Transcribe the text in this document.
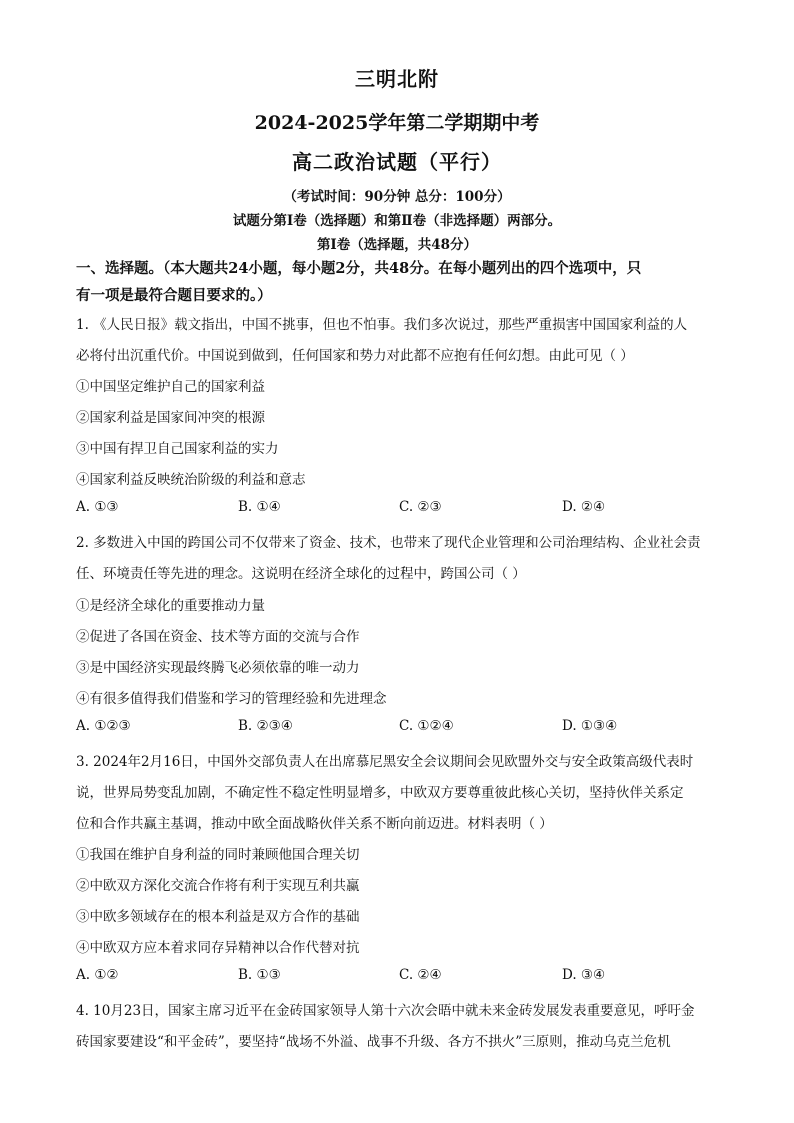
三明北附
2024-2025学年第二学期期中考
高二政治试题（平行）
（考试时间：90分钟 总分：100分）
试题分第Ⅰ卷（选择题）和第Ⅱ卷（非选择题）两部分。
第Ⅰ卷（选择题，共48分）
一、选择题。（本大题共24小题，每小题2分，共48分。在每小题列出的四个选项中，只
有一项是最符合题目要求的。）
1. 《人民日报》载文指出，中国不挑事，但也不怕事。我们多次说过，那些严重损害中国国家利益的人
必将付出沉重代价。中国说到做到，任何国家和势力对此都不应抱有任何幻想。由此可见（ ）
①中国坚定维护自己的国家利益
②国家利益是国家间冲突的根源
③中国有捍卫自己国家利益的实力
④国家利益反映统治阶级的利益和意志
A. ①③	B. ①④	C. ②③	D. ②④
2. 多数进入中国的跨国公司不仅带来了资金、技术，也带来了现代企业管理和公司治理结构、企业社会责
任、环境责任等先进的理念。这说明在经济全球化的过程中，跨国公司（ ）
①是经济全球化的重要推动力量
②促进了各国在资金、技术等方面的交流与合作
③是中国经济实现最终腾飞必须依靠的唯一动力
④有很多值得我们借鉴和学习的管理经验和先进理念
A. ①②③	B. ②③④	C. ①②④	D. ①③④
3. 2024年2月16日，中国外交部负责人在出席慕尼黑安全会议期间会见欧盟外交与安全政策高级代表时
说，世界局势变乱加剧，不确定性不稳定性明显增多，中欧双方要尊重彼此核心关切，坚持伙伴关系定
位和合作共赢主基调，推动中欧全面战略伙伴关系不断向前迈进。材料表明（ ）
①我国在维护自身利益的同时兼顾他国合理关切
②中欧双方深化交流合作将有利于实现互利共赢
③中欧多领域存在的根本利益是双方合作的基础
④中欧双方应本着求同存异精神以合作代替对抗
A. ①②	B. ①③	C. ②④	D. ③④
4. 10月23日，国家主席习近平在金砖国家领导人第十六次会晤中就未来金砖发展发表重要意见，呼吁金
砖国家要建设“和平金砖”，要坚持“战场不外溢、战事不升级、各方不拱火”三原则，推动乌克兰危机
